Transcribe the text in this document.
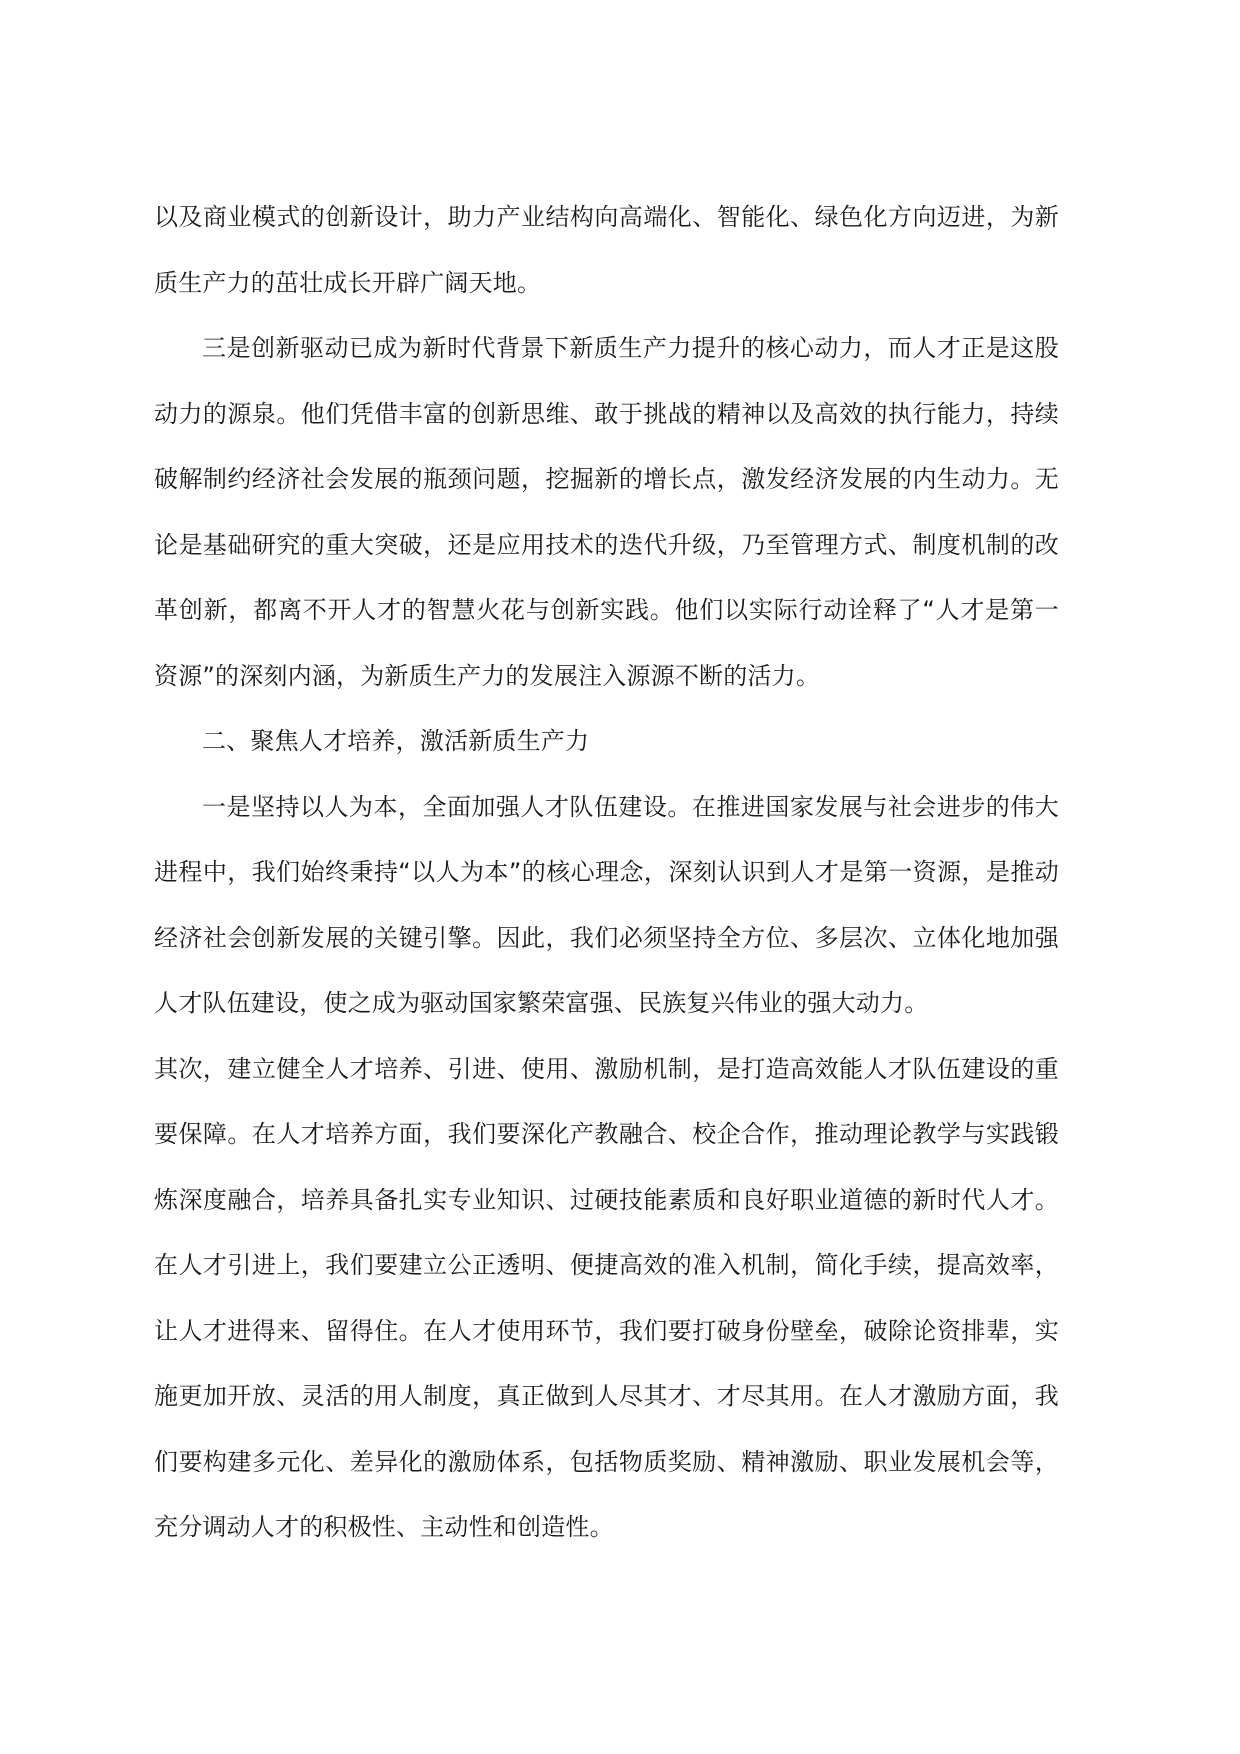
以及商业模式的创新设计，助力产业结构向高端化、智能化、绿色化方向迈进，为新质生产力的茁壮成长开辟广阔天地。

三是创新驱动已成为新时代背景下新质生产力提升的核心动力，而人才正是这股动力的源泉。他们凭借丰富的创新思维、敢于挑战的精神以及高效的执行能力，持续破解制约经济社会发展的瓶颈问题，挖掘新的增长点，激发经济发展的内生动力。无论是基础研究的重大突破，还是应用技术的迭代升级，乃至管理方式、制度机制的改革创新，都离不开人才的智慧火花与创新实践。他们以实际行动诠释了“人才是第一资源”的深刻内涵，为新质生产力的发展注入源源不断的活力。

二、聚焦人才培养，激活新质生产力

一是坚持以人为本，全面加强人才队伍建设。在推进国家发展与社会进步的伟大进程中，我们始终秉持“以人为本”的核心理念，深刻认识到人才是第一资源，是推动经济社会创新发展的关键引擎。因此，我们必须坚持全方位、多层次、立体化地加强人才队伍建设，使之成为驱动国家繁荣富强、民族复兴伟业的强大动力。

其次，建立健全人才培养、引进、使用、激励机制，是打造高效能人才队伍建设的重要保障。在人才培养方面，我们要深化产教融合、校企合作，推动理论教学与实践锻炼深度融合，培养具备扎实专业知识、过硬技能素质和良好职业道德的新时代人才。在人才引进上，我们要建立公正透明、便捷高效的准入机制，简化手续，提高效率，让人才进得来、留得住。在人才使用环节，我们要打破身份壁垒，破除论资排辈，实施更加开放、灵活的用人制度，真正做到人尽其才、才尽其用。在人才激励方面，我们要构建多元化、差异化的激励体系，包括物质奖励、精神激励、职业发展机会等，充分调动人才的积极性、主动性和创造性。
